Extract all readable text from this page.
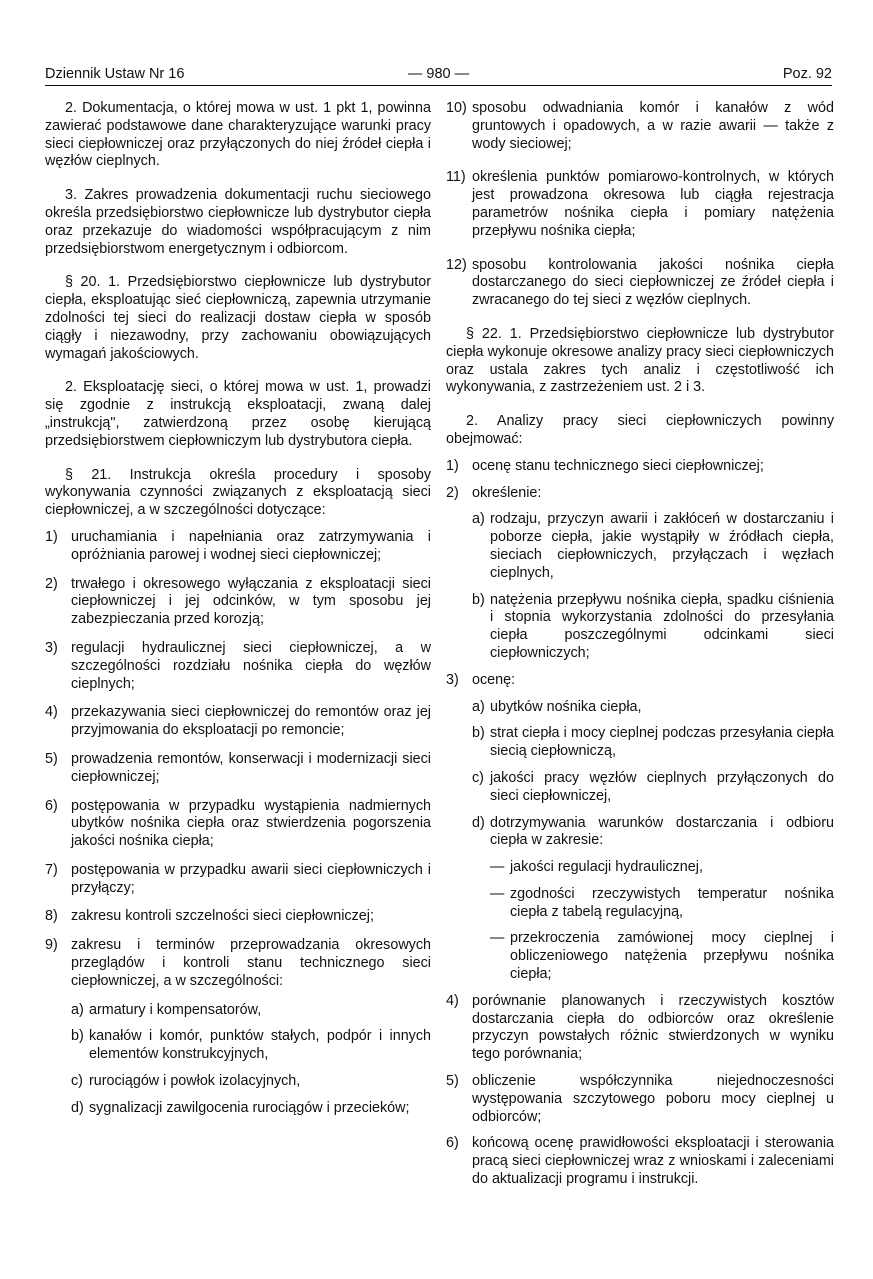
Dziennik Ustaw Nr 16	— 980 —	Poz. 92

2. Dokumentacja, o której mowa w ust. 1 pkt 1, powinna zawierać podstawowe dane charakteryzujące warunki pracy sieci ciepłowniczej oraz przyłączonych do niej źródeł ciepła i węzłów cieplnych.

3. Zakres prowadzenia dokumentacji ruchu sieciowego określa przedsiębiorstwo ciepłownicze lub dystrybutor ciepła oraz przekazuje do wiadomości współpracującym z nim przedsiębiorstwom energetycznym i odbiorcom.

§ 20. 1. Przedsiębiorstwo ciepłownicze lub dystrybutor ciepła, eksploatując sieć ciepłowniczą, zapewnia utrzymanie zdolności tej sieci do realizacji dostaw ciepła w sposób ciągły i niezawodny, przy zachowaniu obowiązujących wymagań jakościowych.

2. Eksploatację sieci, o której mowa w ust. 1, prowadzi się zgodnie z instrukcją eksploatacji, zwaną dalej „instrukcją", zatwierdzoną przez osobę kierującą przedsiębiorstwem ciepłowniczym lub dystrybutora ciepła.

§ 21. Instrukcja określa procedury i sposoby wykonywania czynności związanych z eksploatacją sieci ciepłowniczej, a w szczególności dotyczące:

1) uruchamiania i napełniania oraz zatrzymywania i opróżniania parowej i wodnej sieci ciepłowniczej;
2) trwałego i okresowego wyłączania z eksploatacji sieci ciepłowniczej i jej odcinków, w tym sposobu jej zabezpieczania przed korozją;
3) regulacji hydraulicznej sieci ciepłowniczej, a w szczególności rozdziału nośnika ciepła do węzłów cieplnych;
4) przekazywania sieci ciepłowniczej do remontów oraz jej przyjmowania do eksploatacji po remoncie;
5) prowadzenia remontów, konserwacji i modernizacji sieci ciepłowniczej;
6) postępowania w przypadku wystąpienia nadmiernych ubytków nośnika ciepła oraz stwierdzenia pogorszenia jakości nośnika ciepła;
7) postępowania w przypadku awarii sieci ciepłowniczych i przyłączy;
8) zakresu kontroli szczelności sieci ciepłowniczej;
9) zakresu i terminów przeprowadzania okresowych przeglądów i kontroli stanu technicznego sieci ciepłowniczej, a w szczególności:
a) armatury i kompensatorów,
b) kanałów i komór, punktów stałych, podpór i innych elementów konstrukcyjnych,
c) rurociągów i powłok izolacyjnych,
d) sygnalizacji zawilgocenia rurociągów i przecieków;
10) sposobu odwadniania komór i kanałów z wód gruntowych i opadowych, a w razie awarii — także z wody sieciowej;
11) określenia punktów pomiarowo-kontrolnych, w których jest prowadzona okresowa lub ciągła rejestracja parametrów nośnika ciepła i pomiary natężenia przepływu nośnika ciepła;
12) sposobu kontrolowania jakości nośnika ciepła dostarczanego do sieci ciepłowniczej ze źródeł ciepła i zwracanego do tej sieci z węzłów cieplnych.

§ 22. 1. Przedsiębiorstwo ciepłownicze lub dystrybutor ciepła wykonuje okresowe analizy pracy sieci ciepłowniczych oraz ustala zakres tych analiz i częstotliwość ich wykonywania, z zastrzeżeniem ust. 2 i 3.

2. Analizy pracy sieci ciepłowniczych powinny obejmować:

1) ocenę stanu technicznego sieci ciepłowniczej;
2) określenie:
a) rodzaju, przyczyn awarii i zakłóceń w dostarczaniu i poborze ciepła, jakie wystąpiły w źródłach ciepła, sieciach ciepłowniczych, przyłączach i węzłach cieplnych,
b) natężenia przepływu nośnika ciepła, spadku ciśnienia i stopnia wykorzystania zdolności do przesyłania ciepła poszczególnymi odcinkami sieci ciepłowniczych;
3) ocenę:
a) ubytków nośnika ciepła,
b) strat ciepła i mocy cieplnej podczas przesyłania ciepła siecią ciepłowniczą,
c) jakości pracy węzłów cieplnych przyłączonych do sieci ciepłowniczej,
d) dotrzymywania warunków dostarczania i odbioru ciepła w zakresie:
— jakości regulacji hydraulicznej,
— zgodności rzeczywistych temperatur nośnika ciepła z tabelą regulacyjną,
— przekroczenia zamówionej mocy cieplnej i obliczeniowego natężenia przepływu nośnika ciepła;
4) porównanie planowanych i rzeczywistych kosztów dostarczania ciepła do odbiorców oraz określenie przyczyn powstałych różnic stwierdzonych w wyniku tego porównania;
5) obliczenie współczynnika niejednoczesności występowania szczytowego poboru mocy cieplnej u odbiorców;
6) końcową ocenę prawidłowości eksploatacji i sterowania pracą sieci ciepłowniczej wraz z wnioskami i zaleceniami do aktualizacji programu i instrukcji.
